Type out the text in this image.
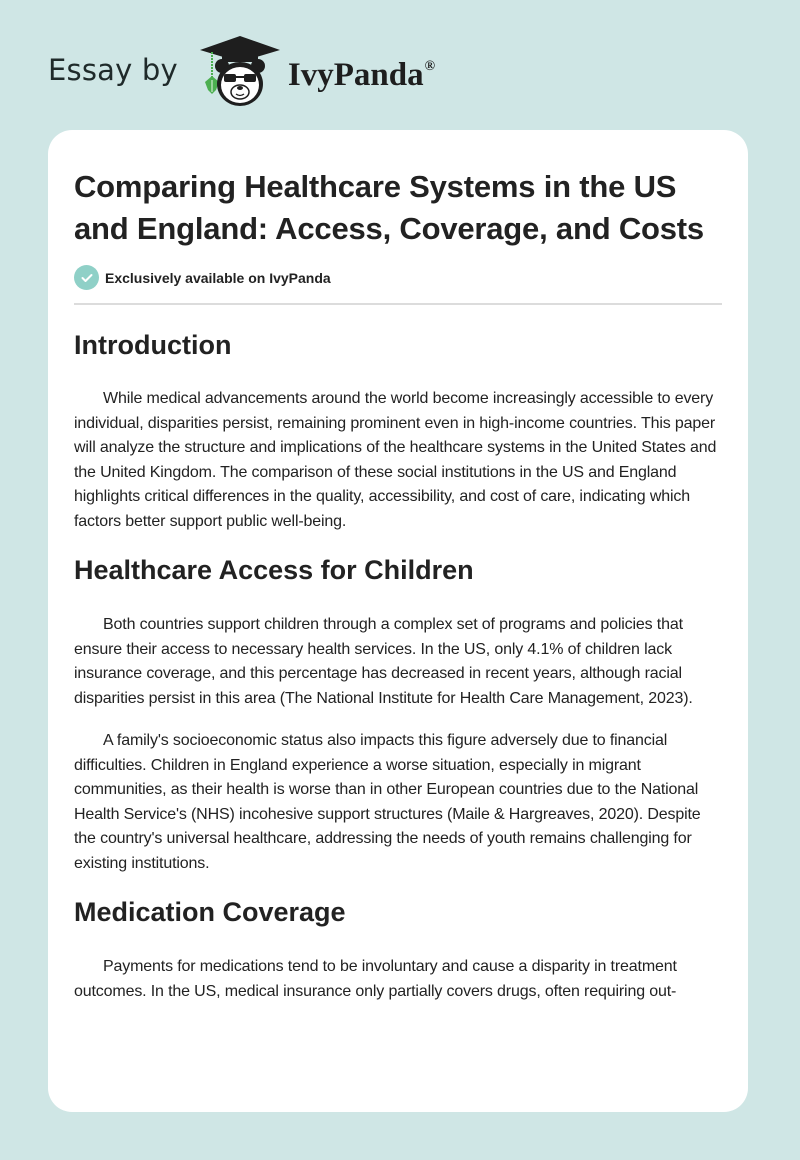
Essay by	IvyPanda®
Comparing Healthcare Systems in the US and England: Access, Coverage, and Costs
Exclusively available on IvyPanda
Introduction

While medical advancements around the world become increasingly accessible to every individual, disparities persist, remaining prominent even in high-income countries. This paper will analyze the structure and implications of the healthcare systems in the United States and the United Kingdom. The comparison of these social institutions in the US and England highlights critical differences in the quality, accessibility, and cost of care, indicating which factors better support public well-being.

Healthcare Access for Children

Both countries support children through a complex set of programs and policies that ensure their access to necessary health services. In the US, only 4.1% of children lack insurance coverage, and this percentage has decreased in recent years, although racial disparities persist in this area (The National Institute for Health Care Management, 2023).

A family's socioeconomic status also impacts this figure adversely due to financial difficulties. Children in England experience a worse situation, especially in migrant communities, as their health is worse than in other European countries due to the National Health Service's (NHS) incohesive support structures (Maile & Hargreaves, 2020). Despite the country's universal healthcare, addressing the needs of youth remains challenging for existing institutions.

Medication Coverage

Payments for medications tend to be involuntary and cause a disparity in treatment outcomes. In the US, medical insurance only partially covers drugs, often requiring out-
